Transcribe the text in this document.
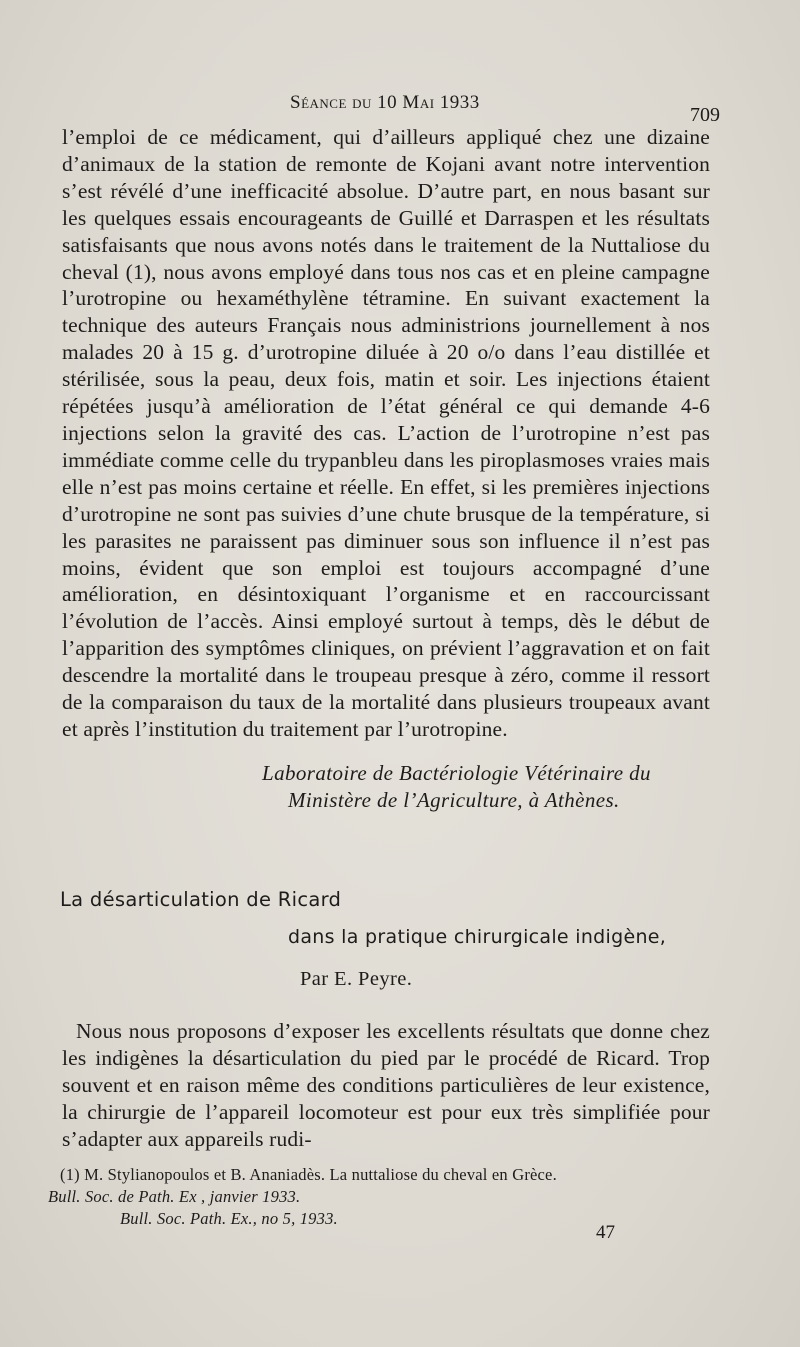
Séance du 10 Mai 1933
709

l’emploi de ce médicament, qui d’ailleurs appliqué chez une dizaine d’animaux de la station de remonte de Kojani avant notre intervention s’est révélé d’une inefficacité absolue. D’autre part, en nous basant sur les quelques essais encourageants de Guillé et Darraspen et les résultats satisfaisants que nous avons notés dans le traitement de la Nuttaliose du cheval (1), nous avons employé dans tous nos cas et en pleine campagne l’urotropine ou hexaméthylène tétramine. En suivant exactement la technique des auteurs Français nous administrions journellement à nos malades 20 à 15 g. d’urotropine diluée à 20 o/o dans l’eau distillée et stérilisée, sous la peau, deux fois, matin et soir. Les injections étaient répétées jusqu’à amélioration de l’état général ce qui demande 4-6 injections selon la gravité des cas. L’action de l’urotropine n’est pas immédiate comme celle du trypanbleu dans les piroplasmoses vraies mais elle n’est pas moins certaine et réelle. En effet, si les premières injections d’urotropine ne sont pas suivies d’une chute brusque de la température, si les parasites ne paraissent pas diminuer sous son influence il n’est pas moins, évident que son emploi est toujours accompagné d’une amélioration, en désintoxiquant l’organisme et en raccourcissant l’évolution de l’accès. Ainsi employé surtout à temps, dès le début de l’apparition des symptômes cliniques, on prévient l’aggravation et on fait descendre la mortalité dans le troupeau presque à zéro, comme il ressort de la comparaison du taux de la mortalité dans plusieurs troupeaux avant et après l’institution du traitement par l’urotropine.

Laboratoire de Bactériologie Vétérinaire du
Ministère de l’Agriculture, à Athènes.
La désarticulation de Ricard
dans la pratique chirurgicale indigène,
Par E. Peyre.

Nous nous proposons d’exposer les excellents résultats que donne chez les indigènes la désarticulation du pied par le procédé de Ricard. Trop souvent et en raison même des conditions particulières de leur existence, la chirurgie de l’appareil locomoteur est pour eux très simplifiée pour s’adapter aux appareils rudi-

(1) M. Stylianopoulos et B. Ananiadès. La nuttaliose du cheval en Grèce.
Bull. Soc. de Path. Ex , janvier 1933.
Bull. Soc. Path. Ex., no 5, 1933.
47
